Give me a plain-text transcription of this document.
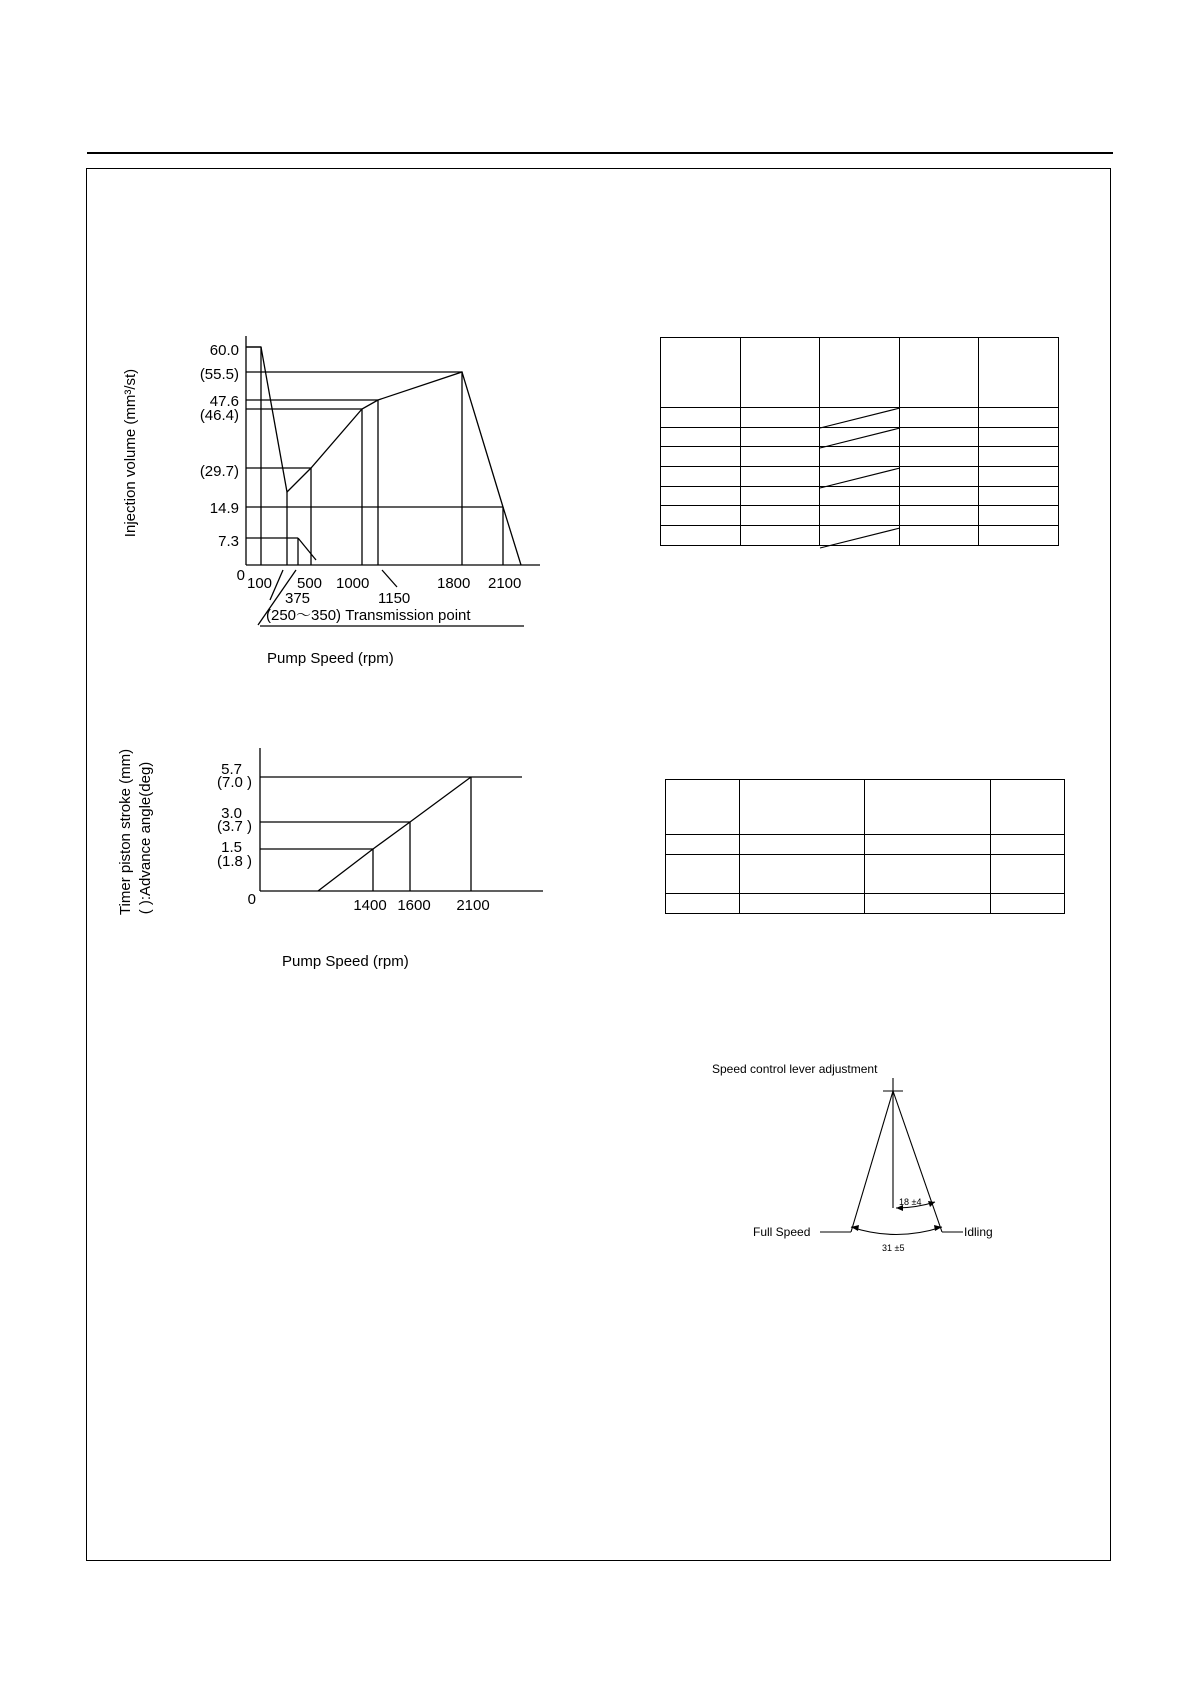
60.0
(55.5)
47.6
(46.4)
(29.7)
14.9
7.3
0 100 500 1000	1800 2100
375	1150
(250〜350) Transmission point
Pump Speed (rpm)
Injection volume (mm³/st)

5.7
(7.0 )
3.0
(3.7 )
1.5
(1.8 )
0	1400 1600 2100
Pump Speed (rpm)
Timer piston stroke (mm) ( ):Advance angle(deg)

Speed control lever adjustment
Full Speed	Idling
18 ±4
31 ±5
